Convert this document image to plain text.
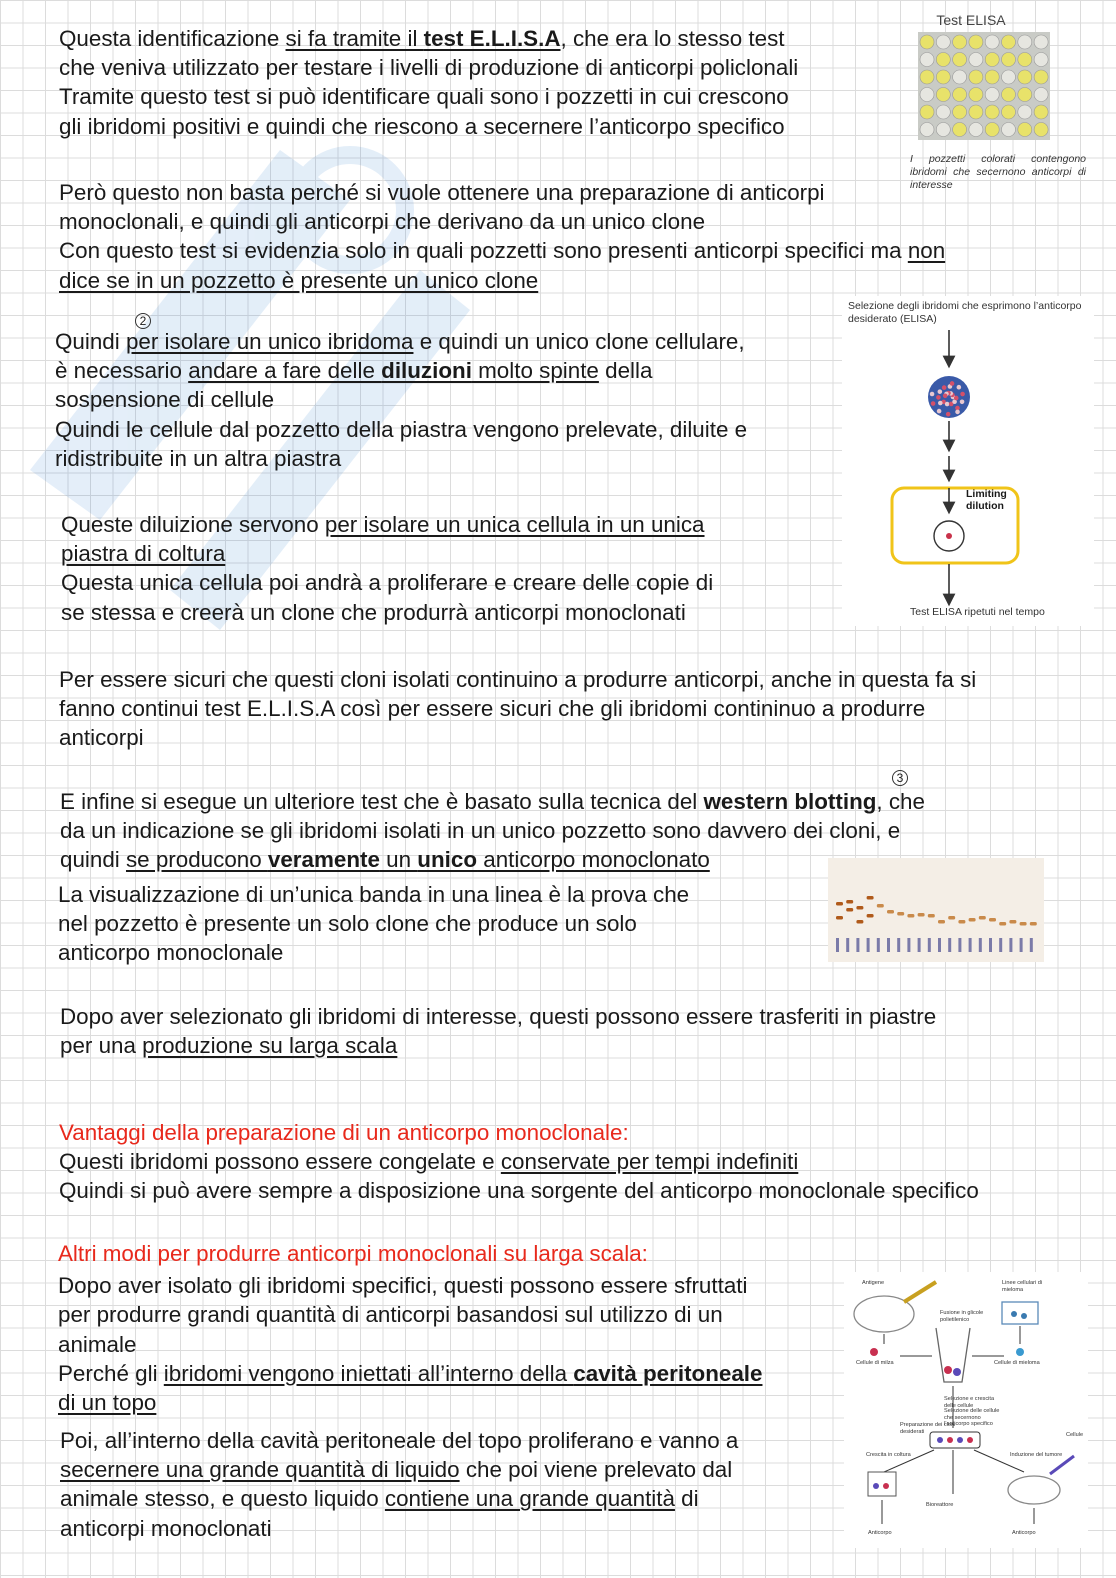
Questa identificazione si fa tramite il test E.L.I.S.A, che era lo stesso test

che veniva utilizzato per testare i livelli di produzione di anticorpi policlonali

Tramite questo test si può identificare quali sono i pozzetti in cui crescono

gli ibridomi positivi e quindi che riescono a secernere l’anticorpo specifico

Test ELISA
I pozzetti colorati contengono ibridomi che secernono anticorpi di interesse

Però questo non basta perché si vuole ottenere una preparazione di anticorpi

monoclonali, e quindi gli anticorpi che derivano da un unico clone

Con questo test si evidenzia solo in quali pozzetti sono presenti anticorpi specifici ma non

dice se in un pozzetto è presente un unico clone

2

Quindi per isolare un unico ibridoma e quindi un unico clone cellulare,

è necessario andare a fare delle diluzioni molto spinte della

sospensione di cellule

Quindi le cellule dal pozzetto della piastra vengono prelevate, diluite e

ridistribuite in un altra piastra

Selezione degli ibridomi che esprimono l’anticorpo desiderato (ELISA)
Limiting dilution
Test ELISA ripetuti nel tempo

Queste diluizione servono per isolare un unica cellula in un unica

piastra di coltura

Questa unica cellula poi andrà a proliferare e creare delle copie di

se stessa e creerà un clone che produrrà anticorpi monoclonati

Per essere sicuri che questi cloni isolati continuino a produrre anticorpi, anche in questa fa si

fanno continui test E.L.I.S.A così per essere sicuri che gli ibridomi contininuo a produrre

anticorpi

3

E infine si esegue un ulteriore test che è basato sulla tecnica del western blotting, che

da un indicazione se gli ibridomi isolati in un unico pozzetto sono davvero dei cloni, e

quindi se producono veramente un unico anticorpo monoclonato

La visualizzazione di un’unica banda in una linea è la prova che

nel pozzetto è presente un solo clone che produce un solo

anticorpo monoclonale

Dopo aver selezionato gli ibridomi di interesse, questi possono essere trasferiti in piastre

per una produzione su larga scala

Vantaggi della preparazione di un anticorpo monoclonale:

Questi ibridomi possono essere congelate e conservate per tempi indefiniti

Quindi si può avere sempre a disposizione una sorgente del anticorpo monoclonale specifico

Altri modi per produrre anticorpi monoclonali su larga scala:

Dopo aver isolato gli ibridomi specifici, questi possono essere sfruttati

per produrre grandi quantità di anticorpi basandosi sul utilizzo di un

animale

Perché gli ibridomi vengono iniettati all’interno della cavità peritoneale

di un topo

Poi, all’interno della cavità peritoneale del topo proliferano e vanno a

secernere una grande quantità di liquido che poi viene prelevato dal

animale stesso, e questo liquido contiene una grande quantità di

anticorpi monoclonati

Antigene	Linee cellulari di mieloma
Fusione in glicole polietilenico
Cellule di milza	Cellule di mieloma
Selezione e crescita delle cellule
Selezione delle cellule che secernono l’anticorpo specifico
Preparazione dei cloni desiderati
Crescita in coltura	Induzione del tumore
Cellule
Bioreattore
Anticorpo	Anticorpo
